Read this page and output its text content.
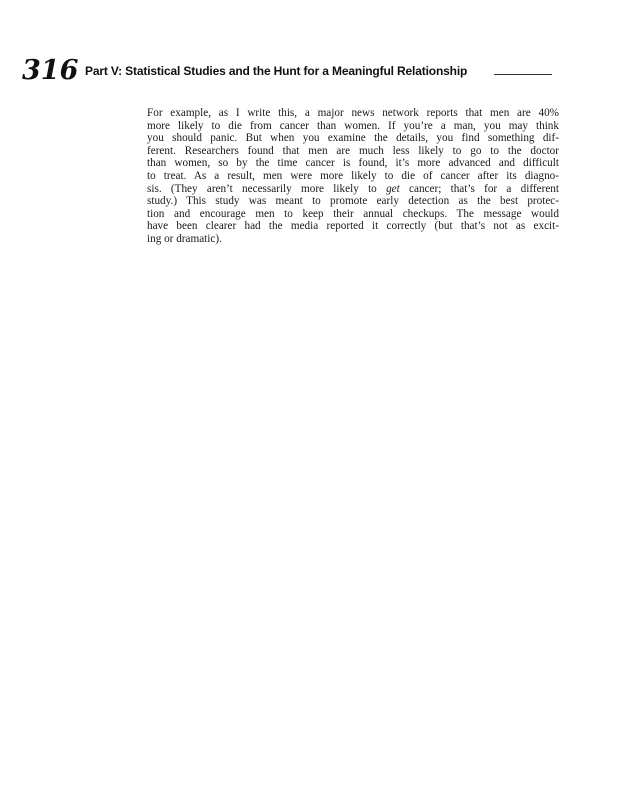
316 Part V: Statistical Studies and the Hunt for a Meaningful Relationship
For example, as I write this, a major news network reports that men are 40%
more likely to die from cancer than women. If you’re a man, you may think
you should panic. But when you examine the details, you find something dif-
ferent. Researchers found that men are much less likely to go to the doctor
than women, so by the time cancer is found, it’s more advanced and difficult
to treat. As a result, men were more likely to die of cancer after its diagno-
sis. (They aren’t necessarily more likely to get cancer; that’s for a different
study.) This study was meant to promote early detection as the best protec-
tion and encourage men to keep their annual checkups. The message would
have been clearer had the media reported it correctly (but that’s not as excit-
ing or dramatic).
